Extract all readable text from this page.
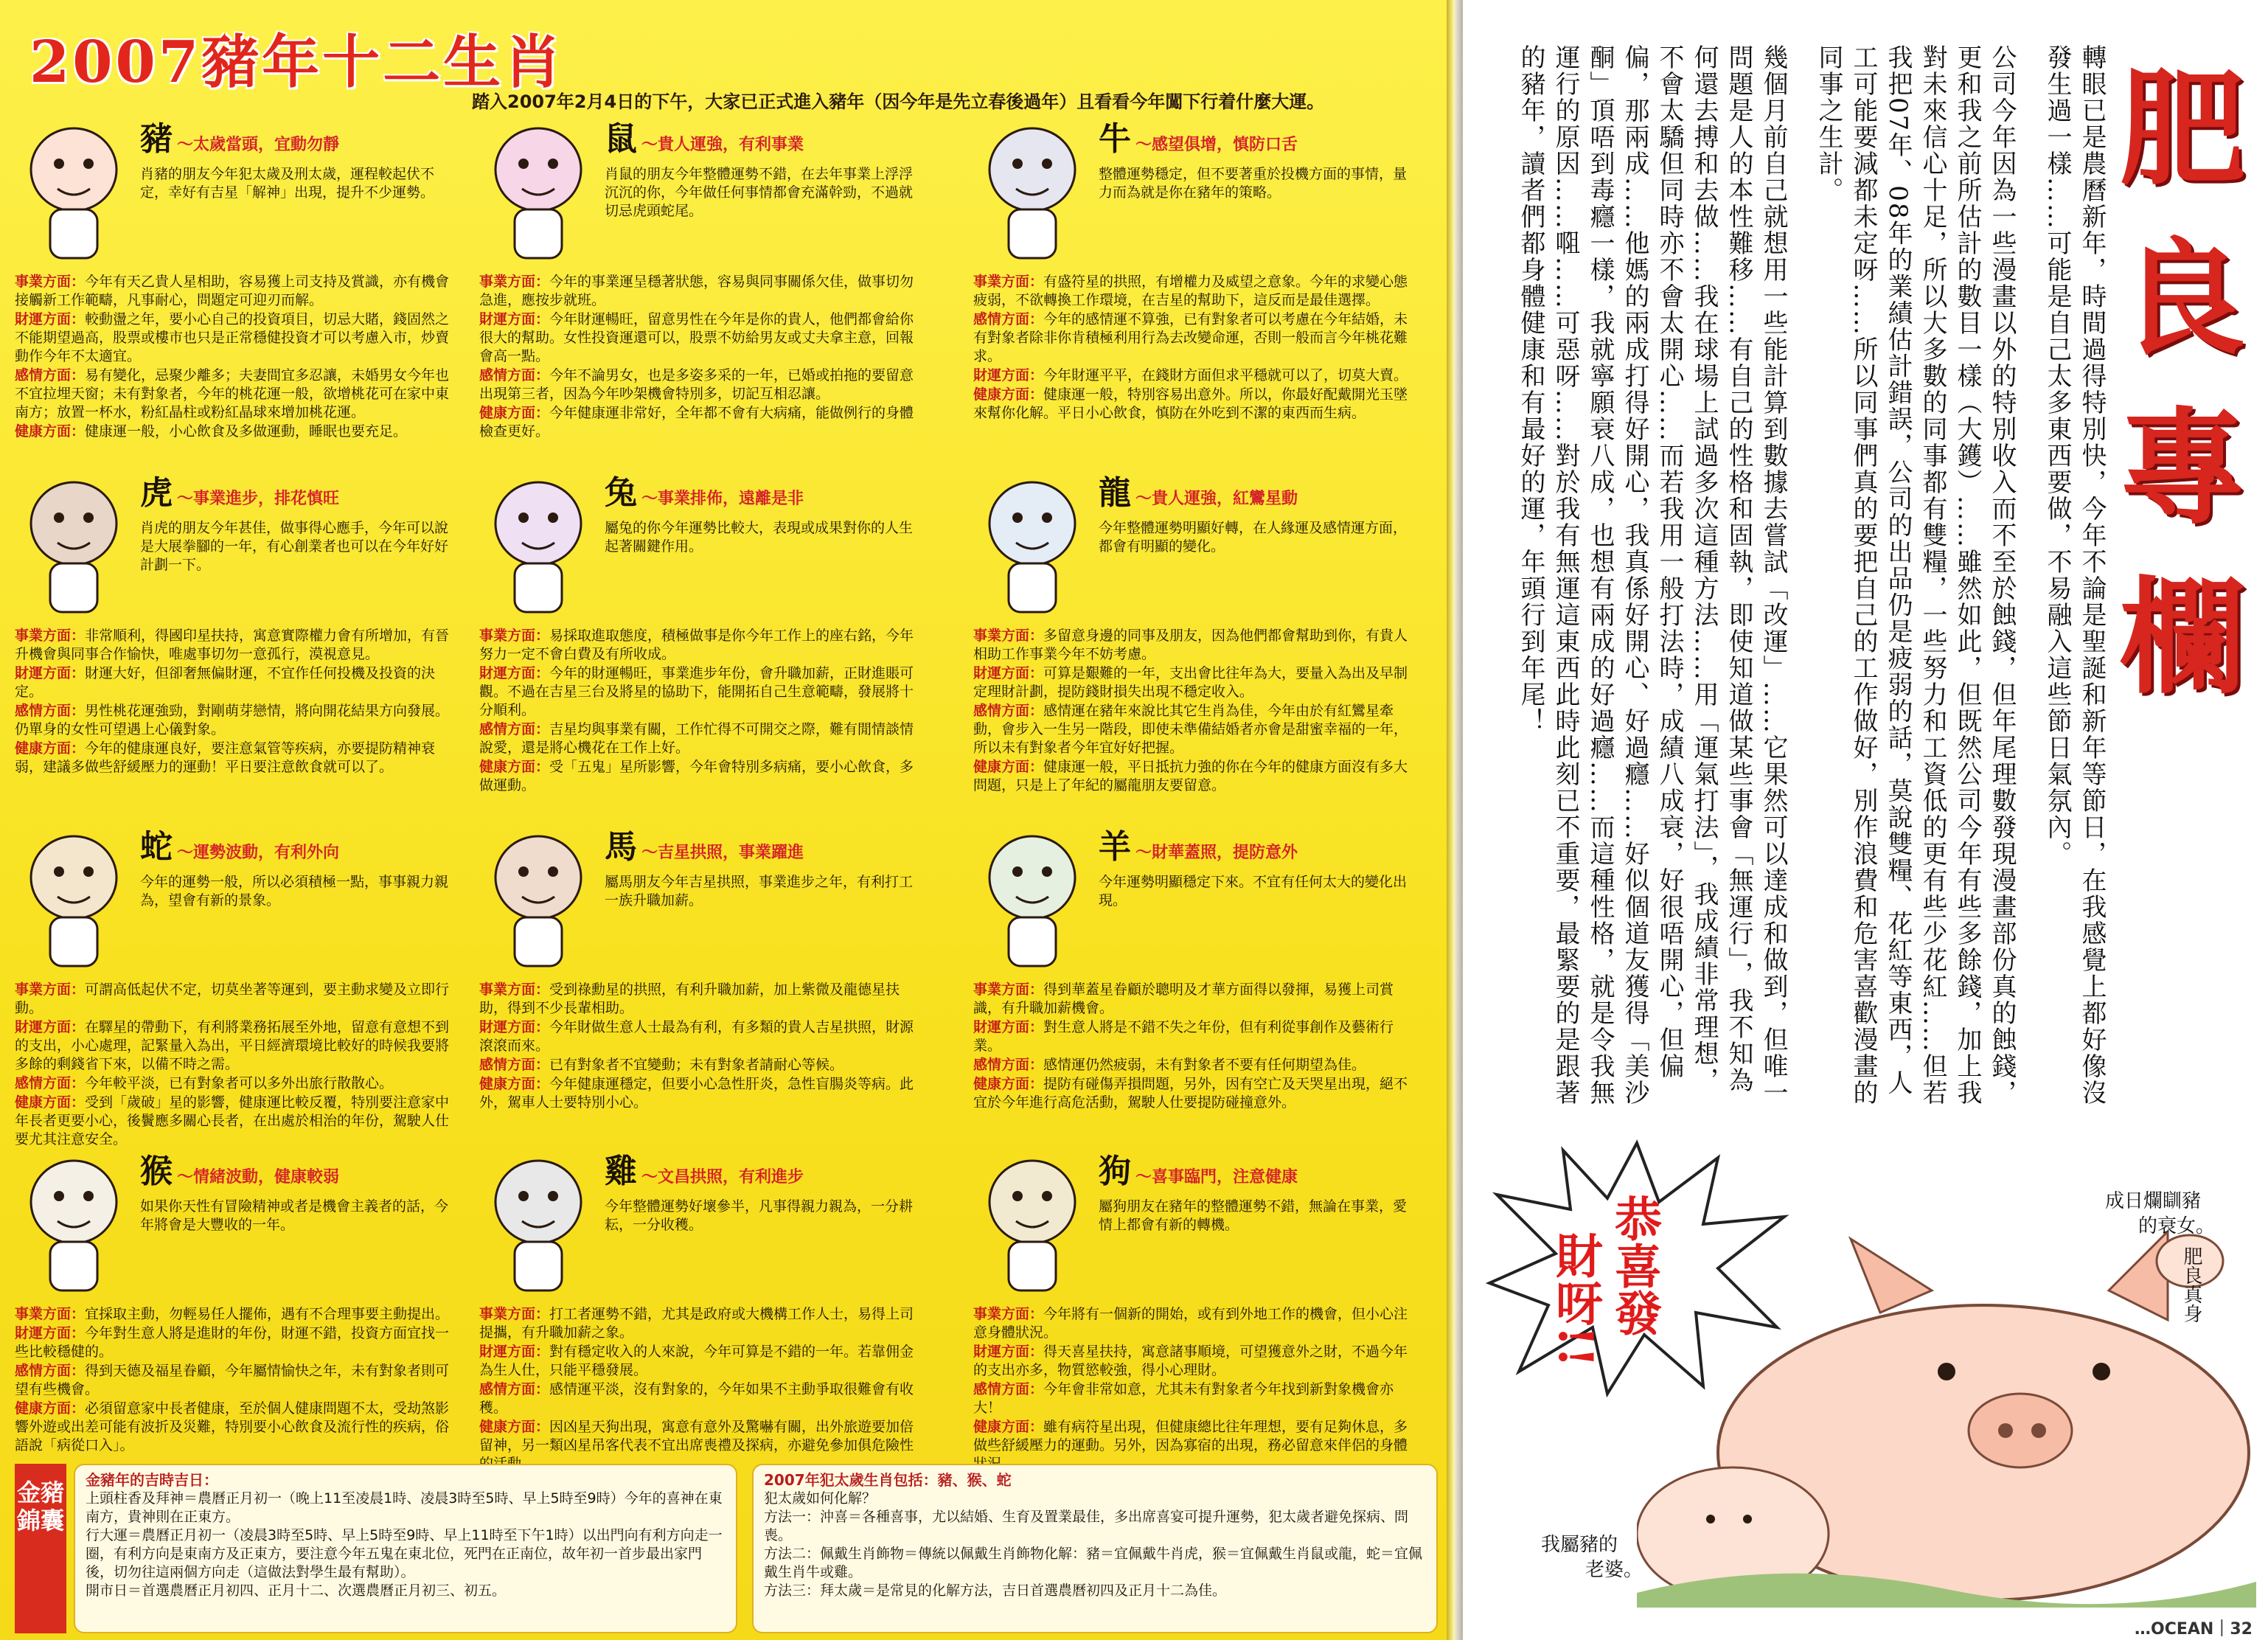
2007豬年十二生肖
踏入2007年2月4日的下午，大家已正式進入豬年（因今年是先立春後過年）且看看今年闖下行着什麼大運。
豬 ～太歲當頭，宜動勿靜
肖豬的朋友今年犯太歲及刑太歲，運程較起伏不定，幸好有吉星「解神」出現，提升不少運勢。
事業方面：今年有天乙貴人星相助，容易獲上司支持及賞識，亦有機會接觸新工作範疇，凡事耐心，問題定可迎刃而解。
財運方面：較動盪之年，要小心自己的投資項目，切忌大賭，錢固然之不能期望過高，股票或樓市也只是正常穩健投資才可以考慮入市，炒賣動作今年不太適宜。
感情方面：易有變化，忌聚少離多；夫妻間宜多忍讓，未婚男女今年也不宜拉埋天窗；未有對象者，今年的桃花運一般，欲增桃花可在家中東南方；放置一杯水，粉紅晶柱或粉紅晶球來增加桃花運。
健康方面：健康運一般，小心飲食及多做運動，睡眠也要充足。
鼠 ～貴人運強，有利事業
肖鼠的朋友今年整體運勢不錯，在去年事業上浮浮沉沉的你，今年做任何事情都會充滿幹勁，不過就切忌虎頭蛇尾。
事業方面：今年的事業運呈穩著狀態，容易與同事關係欠佳，做事切勿急進，應按步就班。
財運方面：今年財運暢旺，留意男性在今年是你的貴人，他們都會給你很大的幫助。女性投資運還可以，股票不妨給男友或丈夫拿主意，回報會高一點。
感情方面：今年不論男女，也是多姿多采的一年，已婚或拍拖的要留意出現第三者，因為今年吵架機會特別多，切記互相忍讓。
健康方面：今年健康運非常好，全年都不會有大病痛，能做例行的身體檢查更好。
牛 ～感望俱增，慎防口舌
整體運勢穩定，但不要著重於投機方面的事情，量力而為就是你在豬年的策略。
事業方面：有盛符星的拱照，有增權力及威望之意象。今年的求變心態疲弱，不欲轉換工作環境，在吉星的幫助下，這反而是最佳選擇。
感情方面：今年的感情運不算強，已有對象者可以考慮在今年結婚，未有對象者除非你肯積極利用行為去改變命運，否則一般而言今年桃花難求。
財運方面：今年財運平平，在錢財方面但求平穩就可以了，切莫大賣。
健康方面：健康運一般，特別容易出意外。所以，你最好配戴開光玉墜來幫你化解。平日小心飲食，慎防在外吃到不潔的東西而生病。
虎 ～事業進步，排花慎旺
肖虎的朋友今年甚佳，做事得心應手，今年可以說是大展拳腳的一年，有心創業者也可以在今年好好計劃一下。
事業方面：非常順利，得國印星扶持，寓意實際權力會有所增加，有晉升機會與同事合作愉快，唯處事切勿一意孤行，漠視意見。
財運方面：財運大好，但卻奢無偏財運，不宜作任何投機及投資的決定。
感情方面：男性桃花運強勁，對剛萌芽戀情，將向開花結果方向發展。仍單身的女性可望遇上心儀對象。
健康方面：今年的健康運良好，要注意氣管等疾病，亦要提防精神衰弱，建議多做些舒緩壓力的運動！平日要注意飲食就可以了。
兔 ～事業排佈，遠離是非
屬兔的你今年運勢比較大，表現或成果對你的人生起著關鍵作用。
事業方面：易採取進取態度，積極做事是你今年工作上的座右銘，今年努力一定不會白費及有所收成。
財運方面：今年的財運暢旺，事業進步年份，會升職加薪，正財進賬可觀。不過在吉星三台及將星的協助下，能開拓自己生意範疇，發展將十分順利。
感情方面：吉星均與事業有關，工作忙得不可開交之際，難有閒情談情說愛，還是將心機花在工作上好。
健康方面：受「五鬼」星所影響，今年會特別多病痛，要小心飲食，多做運動。
龍 ～貴人運強，紅鸞星動
今年整體運勢明顯好轉，在人緣運及感情運方面，都會有明顯的變化。
事業方面：多留意身邊的同事及朋友，因為他們都會幫助到你，有貴人相助工作事業今年不妨考慮。
財運方面：可算是艱難的一年，支出會比往年為大，要量入為出及早制定理財計劃，提防錢財損失出現不穩定收入。
感情方面：感情運在豬年來說比其它生肖為佳，今年由於有紅鸞星牽動，會步入一生另一階段，即使未準備結婚者亦會是甜蜜幸福的一年，所以未有對象者今年宜好好把握。
健康方面：健康運一般，平日抵抗力強的你在今年的健康方面沒有多大問題，只是上了年紀的屬龍朋友要留意。
蛇 ～運勢波動，有利外向
今年的運勢一般，所以必須積極一點，事事親力親為，望會有新的景象。
事業方面：可謂高低起伏不定，切莫坐著等運到，要主動求變及立即行動。
財運方面：在驛星的帶動下，有利將業務拓展至外地，留意有意想不到的支出，小心處理，記緊量入為出，平日經濟環境比較好的時候我要將多餘的剩錢省下來，以備不時之需。
感情方面：今年較平淡，已有對象者可以多外出旅行散散心。
健康方面：受到「歲破」星的影響，健康運比較反覆，特別要注意家中年長者更要小心，後鬢應多關心長者，在出處於相治的年份，駕駛人仕要尤其注意安全。
馬 ～吉星拱照，事業躍進
屬馬朋友今年吉星拱照，事業進步之年，有利打工一族升職加薪。
事業方面：受到祿勳星的拱照，有利升職加薪，加上紫微及龍德星扶助，得到不少長輩相助。
財運方面：今年財做生意人士最為有利，有多類的貴人吉星拱照，財源滾滾而來。
感情方面：已有對象者不宜變動；未有對象者請耐心等候。
健康方面：今年健康運穩定，但要小心急性肝炎，急性盲腸炎等病。此外，駕車人士要特別小心。
羊 ～財華蓋照，提防意外
今年運勢明顯穩定下來。不宜有任何太大的變化出現。
事業方面：得到華蓋星眷顧於聰明及才華方面得以發揮，易獲上司賞識，有升職加薪機會。
財運方面：對生意人將是不錯不失之年份，但有利從事創作及藝術行業。
感情方面：感情運仍然疲弱，未有對象者不要有任何期望為佳。
健康方面：提防有碰傷弄損問題，另外，因有空亡及天哭星出現，絕不宜於今年進行高危活動，駕駛人仕要提防碰撞意外。
猴 ～情緒波動，健康較弱
如果你天性有冒險精神或者是機會主義者的話，今年將會是大豐收的一年。
事業方面：宜採取主動，勿輕易任人擺佈，遇有不合理事要主動提出。
財運方面：今年對生意人將是進財的年份，財運不錯，投資方面宜找一些比較穩健的。
感情方面：得到天德及福星眷顧，今年屬情愉快之年，未有對象者則可望有些機會。
健康方面：必須留意家中長者健康，至於個人健康問題不太，受劫煞影響外遊或出差可能有波折及災難，特別要小心飲食及流行性的疾病，俗語說「病從口入」。
雞 ～文昌拱照，有利進步
今年整體運勢好壞參半，凡事得親力親為，一分耕耘，一分收穫。
事業方面：打工者運勢不錯，尤其是政府或大機構工作人士，易得上司提攜，有升職加薪之象。
財運方面：對有穩定收入的人來說，今年可算是不錯的一年。若靠佣金為生人仕，只能平穩發展。
感情方面：感情運平淡，沒有對象的，今年如果不主動爭取很難會有收穫。
健康方面：因凶星天狗出現，寓意有意外及驚嚇有關，出外旅遊要加倍留神，另一類凶星吊客代表不宜出席喪禮及探病，亦避免參加俱危險性
狗 ～喜事臨門，注意健康
屬狗朋友在豬年的整體運勢不錯，無論在事業，愛情上都會有新的轉機。
事業方面：今年將有一個新的開始，或有到外地工作的機會，但小心注意身體狀況。
財運方面：得天喜星扶持，寓意諸事順境，可望獲意外之財，不過今年的支出亦多，物質慾較強，得小心理財。
感情方面：今年會非常如意，尤其未有對象者今年找到新對象機會亦大！
健康方面：雖有病符星出現，但健康總比往年理想，要有足夠休息，多做些舒緩壓力的運動。另外，因為寡宿的出現，務必留意來伴侶的身體
金豬錦囊
金豬年的吉時吉日：
上頭柱香及拜神＝農曆正月初一（晚上11至凌晨1時、凌晨3時至5時、早上5時至9時）今年的喜神在東南方，貴神則在正東方。
行大運＝農曆正月初一（凌晨3時至5時、早上5時至9時、早上11時至下午1時）以出門向有利方向走一圈，有利方向是東南方及正東方，要注意今年五鬼在東北位，死門在正南位，故年初一首步最出家門後，切勿往這兩個方向走（這做法對學生最有幫助）。
開市日＝首選農曆正月初四、正月十二、次選農曆正月初三、初五。
2007年犯太歲生肖包括：豬、猴、蛇
犯太歲如何化解？
方法一：沖喜＝各種喜事，尤以結婚、生育及置業最佳，多出席喜宴可提升運勢，犯太歲者避免探病、問喪。
方法二：佩戴生肖飾物＝傳統以佩戴生肖飾物化解：豬＝宜佩戴牛肖虎，猴＝宜佩戴生肖鼠或龍，蛇＝宜佩戴生肖牛或雞。
方法三：拜太歲＝是常見的化解方法，吉日首選農曆初四及正月十二為佳。
肥
良
專
欄

轉眼已是農曆新年，時間過得特別快，今年不論是聖誕和新年等節日，在我感覺上都好像沒發生過一樣……可能是自己太多東西要做，不易融入這些節日氣氛內。

公司今年因為一些漫畫以外的特別收入而不至於蝕錢，但年尾理數發現漫畫部份真的蝕錢，更和我之前所估計的數目一樣（大鑊）……雖然如此，但既然公司今年有些多餘錢，加上我對未來信心十足，所以大多數的同事都有雙糧，一些努力和工資低的更有些少花紅……但若我把07年、08年的業績估計錯誤，公司的出品仍是疲弱的話，莫說雙糧、花紅等東西，人工可能要減都未定呀……所以同事們真的要把自己的工作做好，別作浪費和危害喜歡漫畫的同事之生計。

幾個月前自己就想用一些能計算到數據去嘗試「改運」……它果然可以達成和做到，但唯一問題是人的本性難移……有自己的性格和固執，即使知道做某些事會「無運行」，我不知為何還去搏和去做……我在球場上試過多次這種方法……用「運氣打法」，我成績非常理想，不會太驕但同時亦不會太開心……而若我用一般打法時，成績八成衰，好很唔開心，但偏偏，那兩成……他媽的兩成打得好開心，我真係好開心、好過癮……好似個道友獲得「美沙酮」頂唔到毒癮一樣，我就寧願衰八成，也想有兩成的好過癮……而這種性格，就是令我無運行的原因……唨……可惡呀……對於我有無運這東西此時此刻已不重要，最緊要的是跟著的豬年，讀者們都身體健康和有最好的運，年頭行到年尾！

恭喜發
財呀!!
成日爛瞓豬
的衰女。
肥良真身
我屬豬的
老婆。
…OCEAN｜32
